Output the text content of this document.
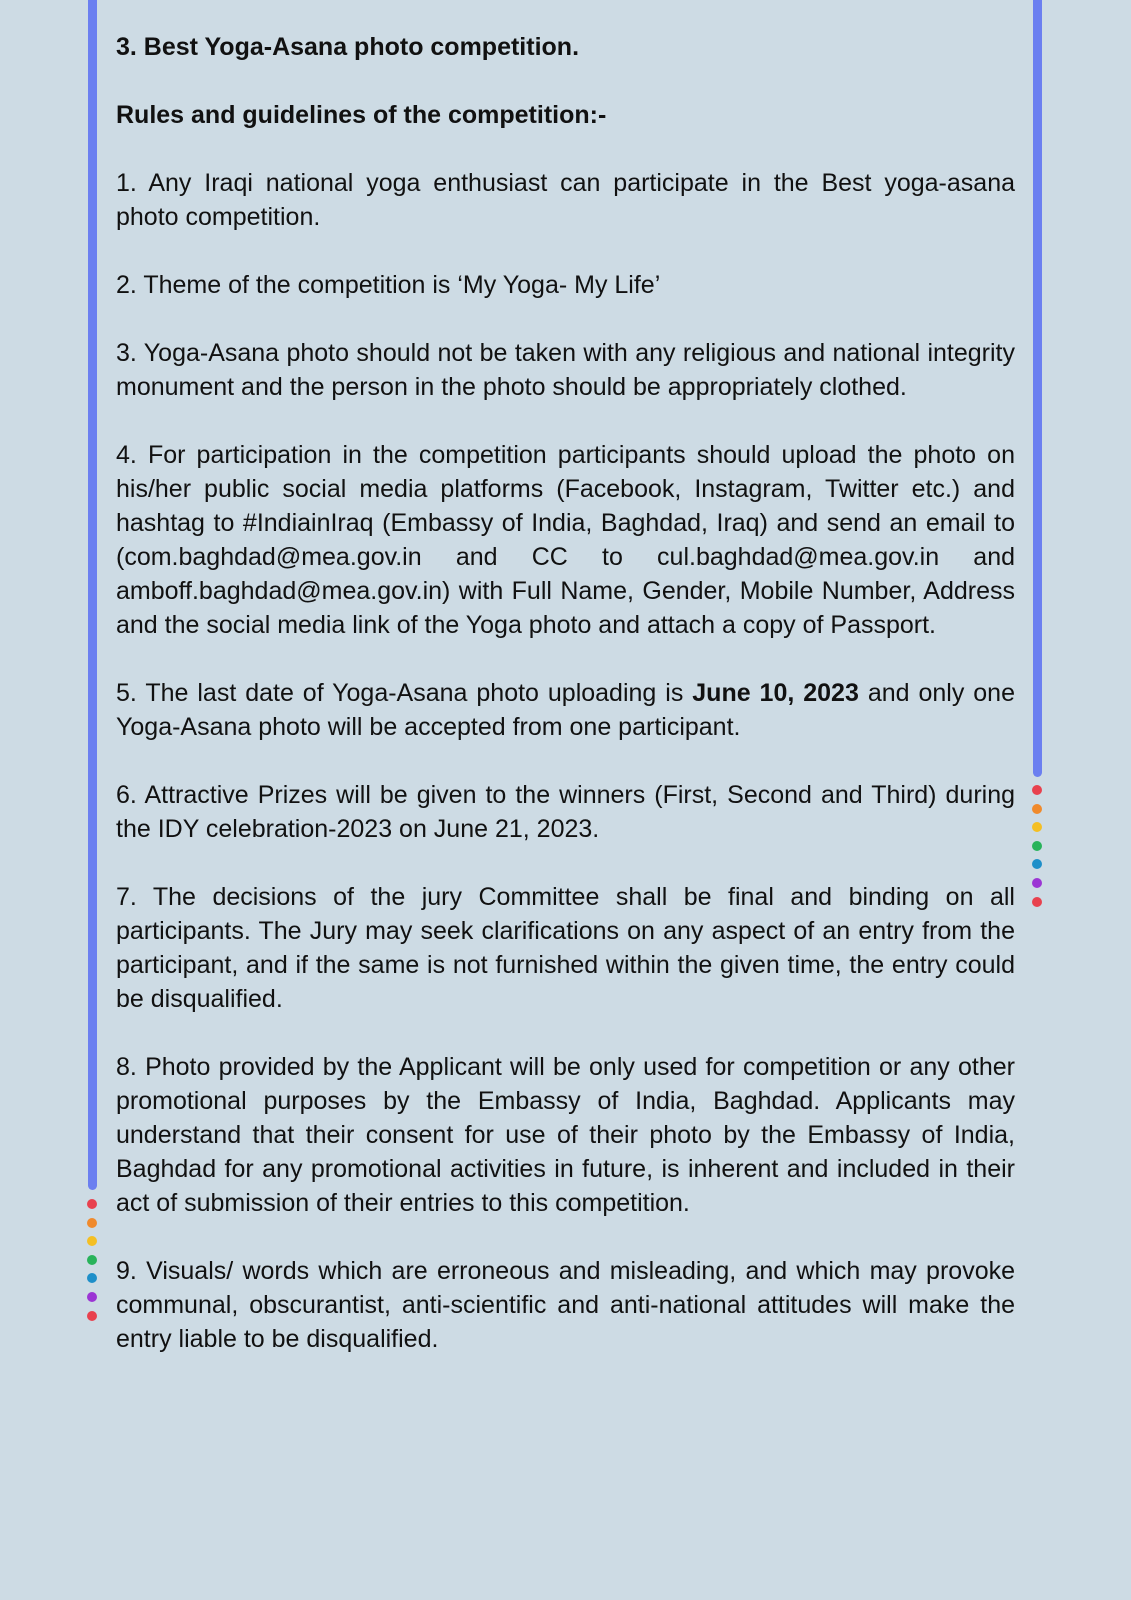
3. Best Yoga-Asana photo competition.

Rules and guidelines of the competition:-

1. Any Iraqi national yoga enthusiast can participate in the Best yoga-asana photo competition.

2. Theme of the competition is ‘My Yoga- My Life’

3. Yoga-Asana photo should not be taken with any religious and national integrity monument and the person in the photo should be appropriately clothed.

4. For participation in the competition participants should upload the photo on his/her public social media platforms (Facebook, Instagram, Twitter etc.) and hashtag to #IndiainIraq (Embassy of India, Baghdad, Iraq) and send an email to (com.baghdad@mea.gov.in and CC to cul.baghdad@mea.gov.in and amboff.baghdad@mea.gov.in) with Full Name, Gender, Mobile Number, Address and the social media link of the Yoga photo and attach a copy of Passport.

5. The last date of Yoga-Asana photo uploading is June 10, 2023 and only one Yoga-Asana photo will be accepted from one participant.

6. Attractive Prizes will be given to the winners (First, Second and Third) during the IDY celebration-2023 on June 21, 2023.

7. The decisions of the jury Committee shall be final and binding on all participants. The Jury may seek clarifications on any aspect of an entry from the participant, and if the same is not furnished within the given time, the entry could be disqualified.

8. Photo provided by the Applicant will be only used for competition or any other promotional purposes by the Embassy of India, Baghdad. Applicants may understand that their consent for use of their photo by the Embassy of India, Baghdad for any promotional activities in future, is inherent and included in their act of submission of their entries to this competition.

9. Visuals/ words which are erroneous and misleading, and which may provoke communal, obscurantist, anti-scientific and anti-national attitudes will make the entry liable to be disqualified.
